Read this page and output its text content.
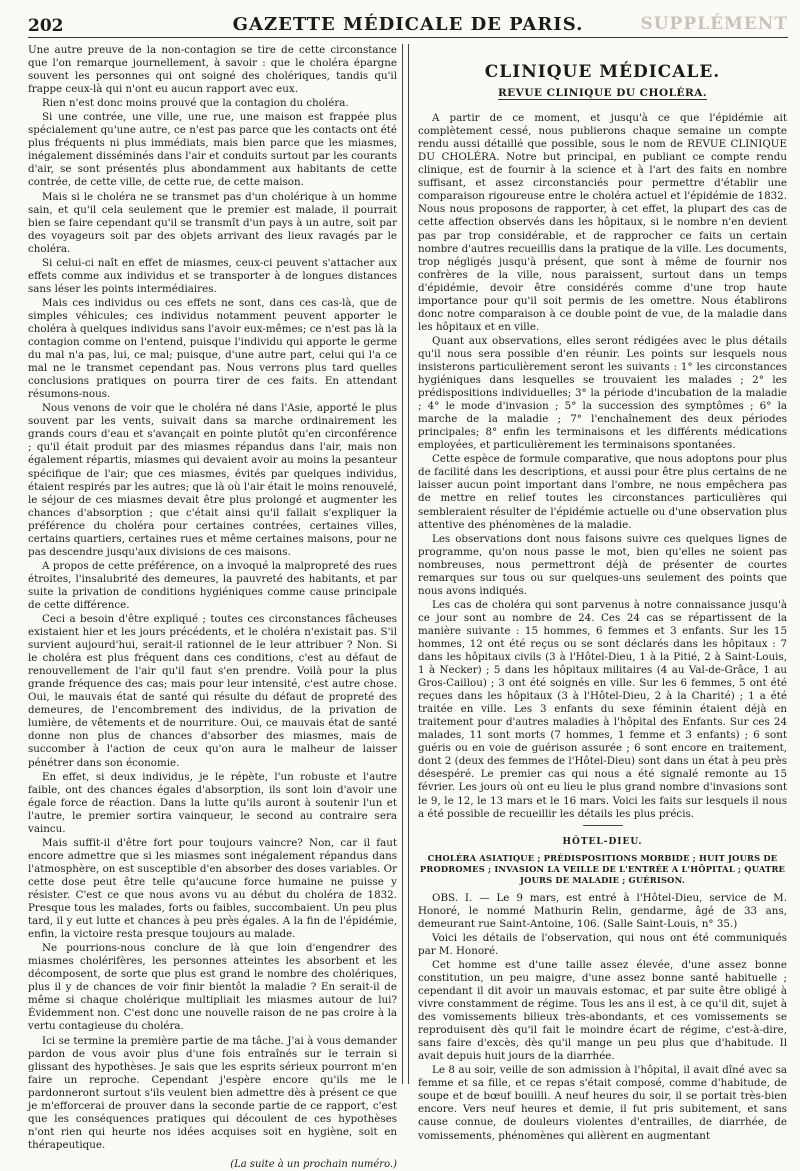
202	GAZETTE MÉDICALE DE PARIS.	SUPPLÉMENT

Une autre preuve de la non-contagion se tire de cette circonstance que l'on remarque journellement, à savoir : que le choléra épargne souvent les personnes qui ont soigné des cholériques, tandis qu'il frappe ceux-là qui n'ont eu aucun rapport avec eux.

Rien n'est donc moins prouvé que la contagion du choléra.

Si une contrée, une ville, une rue, une maison est frappée plus spécialement qu'une autre, ce n'est pas parce que les contacts ont été plus fréquents ni plus immédiats, mais bien parce que les miasmes, inégalement disséminés dans l'air et conduits surtout par les courants d'air, se sont présentés plus abondamment aux habitants de cette contrée, de cette ville, de cette rue, de cette maison.

Mais si le choléra ne se transmet pas d'un cholérique à un homme sain, et qu'il cela seulement que le premier est malade, il pourrait bien se faire cependant qu'il se transmît d'un pays à un autre, soit par des voyageurs soit par des objets arrivant des lieux ravagés par le choléra.

Si celui-ci naît en effet de miasmes, ceux-ci peuvent s'attacher aux effets comme aux individus et se transporter à de longues distances sans léser les points intermédiaires.

Mais ces individus ou ces effets ne sont, dans ces cas-là, que de simples véhicules; ces individus notamment peuvent apporter le choléra à quelques individus sans l'avoir eux-mêmes; ce n'est pas là la contagion comme on l'entend, puisque l'individu qui apporte le germe du mal n'a pas, lui, ce mal; puisque, d'une autre part, celui qui l'a ce mal ne le transmet cependant pas. Nous verrons plus tard quelles conclusions pratiques on pourra tirer de ces faits. En attendant résumons-nous.

Nous venons de voir que le choléra né dans l'Asie, apporté le plus souvent par les vents, suivait dans sa marche ordinairement les grands cours d'eau et s'avançait en pointe plutôt qu'en circonférence ; qu'il était produit par des miasmes répandus dans l'air, mais non également répartis, miasmes qui devaient avoir au moins la pesanteur spécifique de l'air; que ces miasmes, évités par quelques individus, étaient respirés par les autres; que là où l'air était le moins renouvelé, le séjour de ces miasmes devait être plus prolongé et augmenter les chances d'absorption ; que c'était ainsi qu'il fallait s'expliquer la préférence du choléra pour certaines contrées, certaines villes, certains quartiers, certaines rues et même certaines maisons, pour ne pas descendre jusqu'aux divisions de ces maisons.

A propos de cette préférence, on a invoqué la malpropreté des rues étroites, l'insalubrité des demeures, la pauvreté des habitants, et par suite la privation de conditions hygiéniques comme cause principale de cette différence.

Ceci a besoin d'être expliqué ; toutes ces circonstances fâcheuses existaient hier et les jours précédents, et le choléra n'existait pas. S'il survient aujourd'hui, serait-il rationnel de le leur attribuer ? Non. Si le choléra est plus fréquent dans ces conditions, c'est au défaut de renouvellement de l'air qu'il faut s'en prendre. Voilà pour la plus grande fréquence des cas; mais pour leur intensité, c'est autre chose. Oui, le mauvais état de santé qui résulte du défaut de propreté des demeures, de l'encombrement des individus, de la privation de lumière, de vêtements et de nourriture. Oui, ce mauvais état de santé donne non plus de chances d'absorber des miasmes, mais de succomber à l'action de ceux qu'on aura le malheur de laisser pénétrer dans son économie.

En effet, si deux individus, je le répète, l'un robuste et l'autre faible, ont des chances égales d'absorption, ils sont loin d'avoir une égale force de réaction. Dans la lutte qu'ils auront à soutenir l'un et l'autre, le premier sortira vainqueur, le second au contraire sera vaincu.

Mais suffit-il d'être fort pour toujours vaincre? Non, car il faut encore admettre que si les miasmes sont inégalement répandus dans l'atmosphère, on est susceptible d'en absorber des doses variables. Or cette dose peut être telle qu'aucune force humaine ne puisse y résister. C'est ce que nous avons vu au début du choléra de 1832. Presque tous les malades, forts ou faibles, succombaient. Un peu plus tard, il y eut lutte et chances à peu près égales. A la fin de l'épidémie, enfin, la victoire resta presque toujours au malade.

Ne pourrions-nous conclure de là que loin d'engendrer des miasmes cholérifères, les personnes atteintes les absorbent et les décomposent, de sorte que plus est grand le nombre des cholériques, plus il y de chances de voir finir bientôt la maladie ? En serait-il de même si chaque cholérique multipliait les miasmes autour de lui? Évidemment non. C'est donc une nouvelle raison de ne pas croire à la vertu contagieuse du choléra.

Ici se termine la première partie de ma tâche. J'ai à vous demander pardon de vous avoir plus d'une fois entraînés sur le terrain si glissant des hypothèses. Je sais que les esprits sérieux pourront m'en faire un reproche. Cependant j'espère encore qu'ils me le pardonneront surtout s'ils veulent bien admettre dès à présent ce que je m'efforcerai de prouver dans la seconde partie de ce rapport, c'est que les conséquences pratiques qui découlent de ces hypothèses n'ont rien qui heurte nos idées acquises soit en hygiène, soit en thérapeutique.

(La suite à un prochain numéro.)
CLINIQUE MÉDICALE.
REVUE CLINIQUE DU CHOLÉRA.

A partir de ce moment, et jusqu'à ce que l'épidémie ait complètement cessé, nous publierons chaque semaine un compte rendu aussi détaillé que possible, sous le nom de REVUE CLINIQUE DU CHOLÉRA. Notre but principal, en publiant ce compte rendu clinique, est de fournir à la science et à l'art des faits en nombre suffisant, et assez circonstanciés pour permettre d'établir une comparaison rigoureuse entre le choléra actuel et l'épidémie de 1832. Nous nous proposons de rapporter, à cet effet, la plupart des cas de cette affection observés dans les hôpitaux, si le nombre n'en devient pas par trop considérable, et de rapprocher ce faits un certain nombre d'autres recueillis dans la pratique de la ville. Les documents, trop négligés jusqu'à présent, que sont à même de fournir nos confrères de la ville, nous paraissent, surtout dans un temps d'épidémie, devoir être considérés comme d'une trop haute importance pour qu'il soit permis de les omettre. Nous établirons donc notre comparaison à ce double point de vue, de la maladie dans les hôpitaux et en ville.

Quant aux observations, elles seront rédigées avec le plus détails qu'il nous sera possible d'en réunir. Les points sur lesquels nous insisterons particulièrement seront les suivants : 1° les circonstances hygiéniques dans lesquelles se trouvaient les malades ; 2° les prédispositions individuelles; 3° la période d'incubation de la maladie ; 4° le mode d'invasion ; 5° la succession des symptômes ; 6° la marche de la maladie ; 7° l'enchaînement des deux périodes principales; 8° enfin les terminaisons et les différents médications employées, et particulièrement les terminaisons spontanées.

Cette espèce de formule comparative, que nous adoptons pour plus de facilité dans les descriptions, et aussi pour être plus certains de ne laisser aucun point important dans l'ombre, ne nous empêchera pas de mettre en relief toutes les circonstances particulières qui sembleraient résulter de l'épidémie actuelle ou d'une observation plus attentive des phénomènes de la maladie.

Les observations dont nous faisons suivre ces quelques lignes de programme, qu'on nous passe le mot, bien qu'elles ne soient pas nombreuses, nous permettront déjà de présenter de courtes remarques sur tous ou sur quelques-uns seulement des points que nous avons indiqués.

Les cas de choléra qui sont parvenus à notre connaissance jusqu'à ce jour sont au nombre de 24. Ces 24 cas se répartissent de la manière suivante : 15 hommes, 6 femmes et 3 enfants. Sur les 15 hommes, 12 ont été reçus ou se sont déclarés dans les hôpitaux : 7 dans les hôpitaux civils (3 à l'Hôtel-Dieu, 1 à la Pitié, 2 à Saint-Louis, 1 à Necker) ; 5 dans les hôpitaux militaires (4 au Val-de-Grâce, 1 au Gros-Caillou) ; 3 ont été soignés en ville. Sur les 6 femmes, 5 ont été reçues dans les hôpitaux (3 à l'Hôtel-Dieu, 2 à la Charité) ; 1 a été traitée en ville. Les 3 enfants du sexe féminin étaient déjà en traitement pour d'autres maladies à l'hôpital des Enfants. Sur ces 24 malades, 11 sont morts (7 hommes, 1 femme et 3 enfants) ; 6 sont guéris ou en voie de guérison assurée ; 6 sont encore en traitement, dont 2 (deux des femmes de l'Hôtel-Dieu) sont dans un état à peu près désespéré. Le premier cas qui nous a été signalé remonte au 15 février. Les jours où ont eu lieu le plus grand nombre d'invasions sont le 9, le 12, le 13 mars et le 16 mars. Voici les faits sur lesquels il nous a été possible de recueillir les détails les plus précis.

HÔTEL-DIEU.
CHOLÉRA ASIATIQUE ; PRÉDISPOSITIONS MORBIDE ; HUIT JOURS DE PRODROMES ; INVASION LA VEILLE DE L'ENTRÉE A L'HÔPITAL ; QUATRE JOURS DE MALADIE ; GUÉRISON.

OBS. I. — Le 9 mars, est entré à l'Hôtel-Dieu, service de M. Honoré, le nommé Mathurin Relin, gendarme, âgé de 33 ans, demeurant rue Saint-Antoine, 106. (Salle Saint-Louis, n° 35.)

Voici les détails de l'observation, qui nous ont été communiqués par M. Honoré.

Cet homme est d'une taille assez élevée, d'une assez bonne constitution, un peu maigre, d'une assez bonne santé habituelle ; cependant il dit avoir un mauvais estomac, et par suite être obligé à vivre constamment de régime. Tous les ans il est, à ce qu'il dit, sujet à des vomissements bilieux très-abondants, et ces vomissements se reproduisent dès qu'il fait le moindre écart de régime, c'est-à-dire, sans faire d'excès, dès qu'il mange un peu plus que d'habitude. Il avait depuis huit jours de la diarrhée.

Le 8 au soir, veille de son admission à l'hôpital, il avait dîné avec sa femme et sa fille, et ce repas s'était composé, comme d'habitude, de soupe et de bœuf bouilli. A neuf heures du soir, il se portait très-bien encore. Vers neuf heures et demie, il fut pris subitement, et sans cause connue, de douleurs violentes d'entrailles, de diarrhée, de vomissements, phénomènes qui allèrent en augmentant
